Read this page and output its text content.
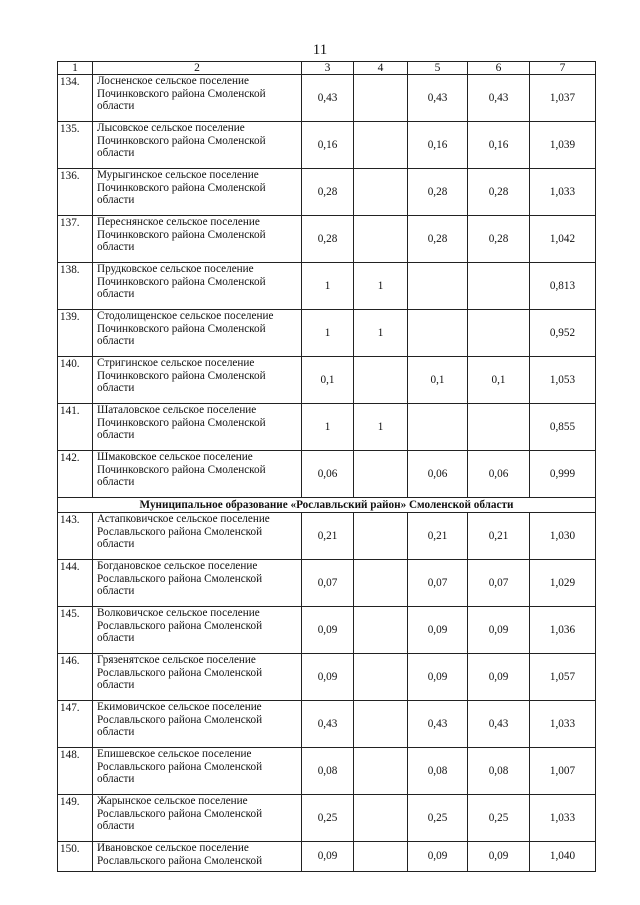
11
1	2	3	4	5	6	7
134.	Лосненское сельское поселение Починковского района Смоленской области	0,43		0,43	0,43	1,037
135.	Лысовское сельское поселение Починковского района Смоленской области	0,16		0,16	0,16	1,039
136.	Мурыгинское сельское поселение Починковского района Смоленской области	0,28		0,28	0,28	1,033
137.	Переснянское сельское поселение Починковского района Смоленской области	0,28		0,28	0,28	1,042
138.	Прудковское сельское поселение Починковского района Смоленской области	1	1			0,813
139.	Стодолищенское сельское поселение Починковского района Смоленской области	1	1			0,952
140.	Стригинское сельское поселение Починковского района Смоленской области	0,1		0,1	0,1	1,053
141.	Шаталовское сельское поселение Починковского района Смоленской области	1	1			0,855
142.	Шмаковское сельское поселение Починковского района Смоленской области	0,06		0,06	0,06	0,999
Муниципальное образование «Рославльский район» Смоленской области						
143.	Астапковичское сельское поселение Рославльского района Смоленской области	0,21		0,21	0,21	1,030
144.	Богдановское сельское поселение Рославльского района Смоленской области	0,07		0,07	0,07	1,029
145.	Волковичское сельское поселение Рославльского района Смоленской области	0,09		0,09	0,09	1,036
146.	Грязенятское сельское поселение Рославльского района Смоленской области	0,09		0,09	0,09	1,057
147.	Екимовичское сельское поселение Рославльского района Смоленской области	0,43		0,43	0,43	1,033
148.	Епишевское сельское поселение Рославльского района Смоленской области	0,08		0,08	0,08	1,007
149.	Жарынское сельское поселение Рославльского района Смоленской области	0,25		0,25	0,25	1,033
150.	Ивановское сельское поселение Рославльского района Смоленской	0,09		0,09	0,09	1,040
